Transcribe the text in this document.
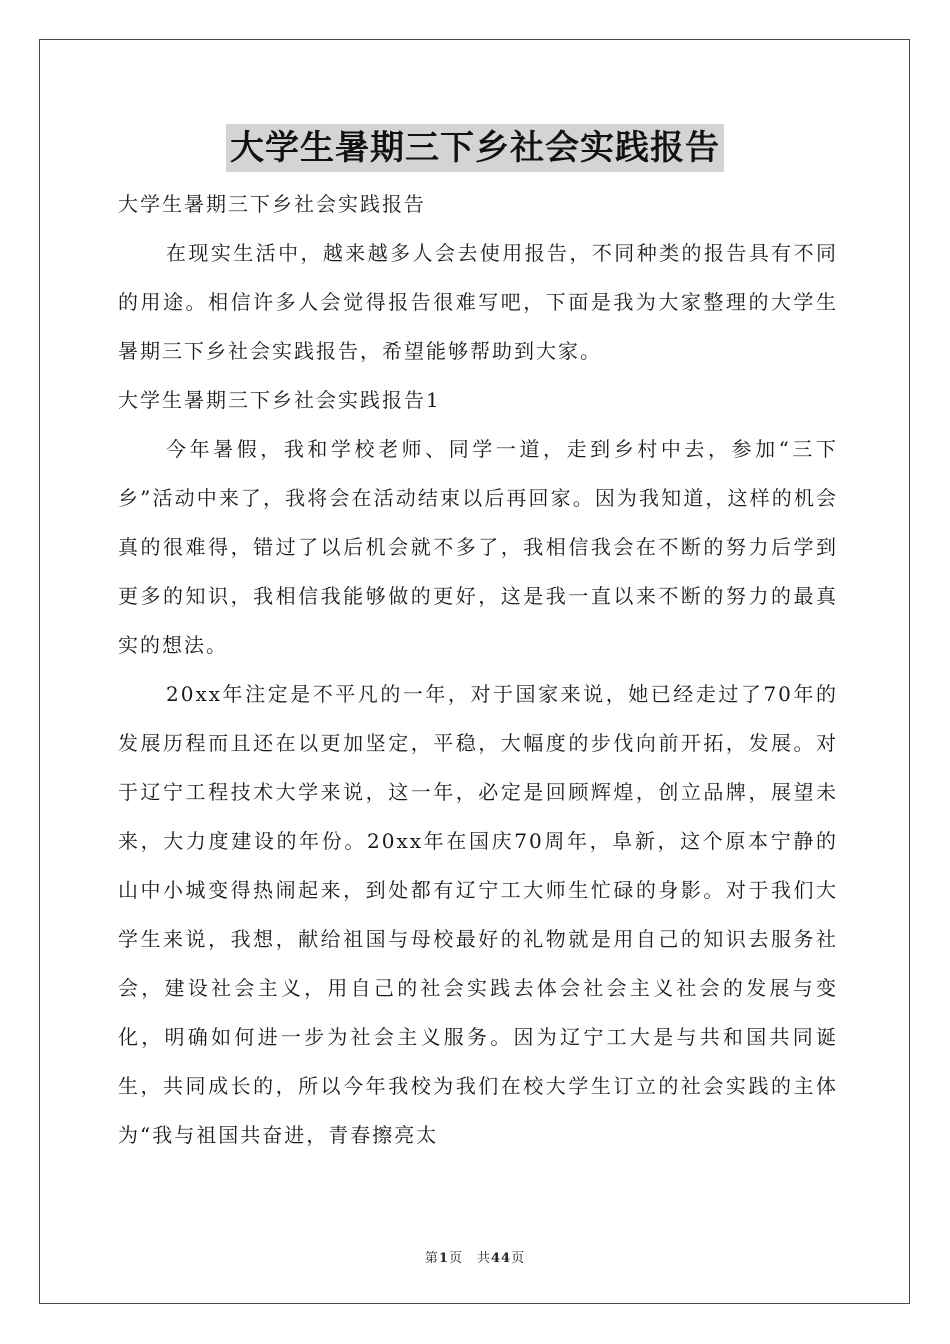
大学生暑期三下乡社会实践报告

大学生暑期三下乡社会实践报告

在现实生活中，越来越多人会去使用报告，不同种类的报告具有不同的用途。相信许多人会觉得报告很难写吧，下面是我为大家整理的大学生暑期三下乡社会实践报告，希望能够帮助到大家。

大学生暑期三下乡社会实践报告1

今年暑假，我和学校老师、同学一道，走到乡村中去，参加“三下乡”活动中来了，我将会在活动结束以后再回家。因为我知道，这样的机会真的很难得，错过了以后机会就不多了，我相信我会在不断的努力后学到更多的知识，我相信我能够做的更好，这是我一直以来不断的努力的最真实的想法。

20xx年注定是不平凡的一年，对于国家来说，她已经走过了70年的发展历程而且还在以更加坚定，平稳，大幅度的步伐向前开拓，发展。对于辽宁工程技术大学来说，这一年，必定是回顾辉煌，创立品牌，展望未来，大力度建设的年份。20xx年在国庆70周年，阜新，这个原本宁静的山中小城变得热闹起来，到处都有辽宁工大师生忙碌的身影。对于我们大学生来说，我想，献给祖国与母校最好的礼物就是用自己的知识去服务社会，建设社会主义，用自己的社会实践去体会社会主义社会的发展与变化，明确如何进一步为社会主义服务。因为辽宁工大是与共和国共同诞生，共同成长的，所以今年我校为我们在校大学生订立的社会实践的主体为“我与祖国共奋进，青春擦亮太

第1页　共44页
